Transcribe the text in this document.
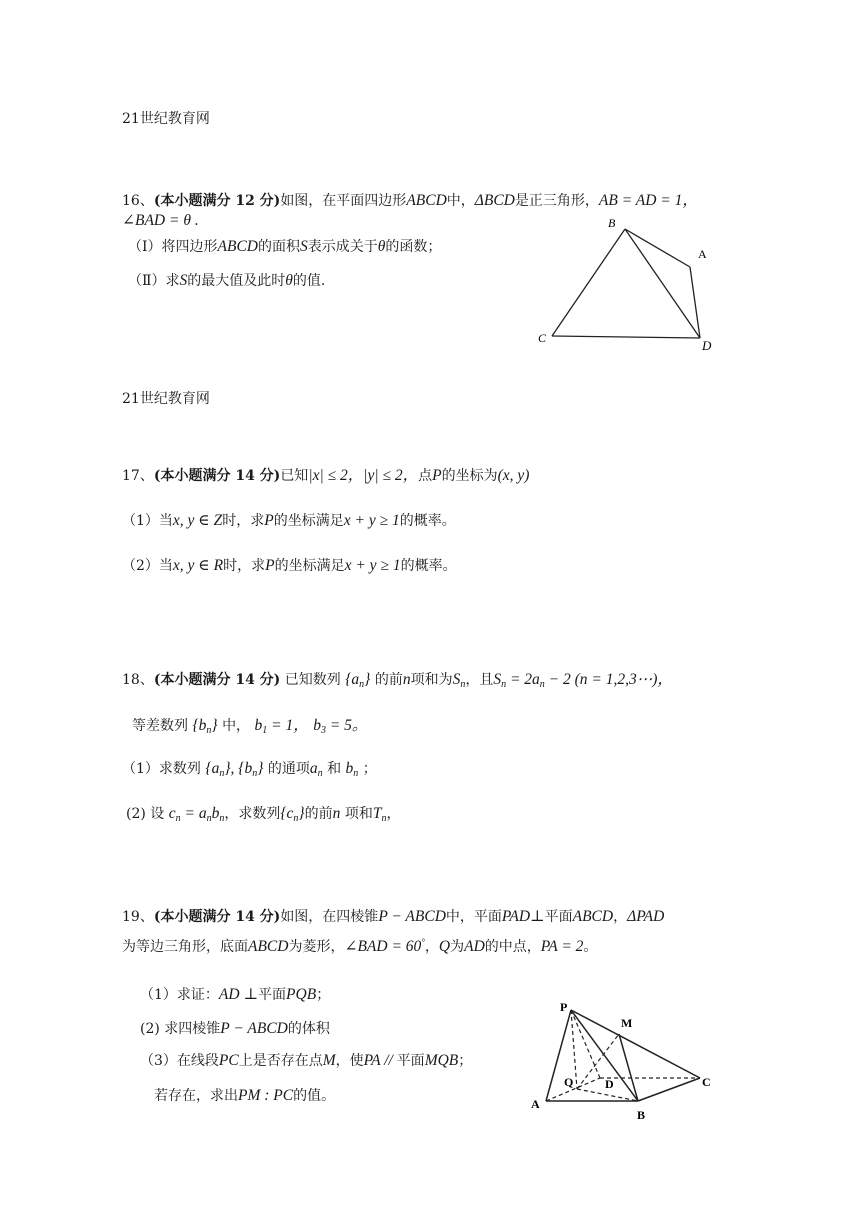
21世纪教育网
21世纪教育网
16、(本小题满分 12 分)如图，在平面四边形ABCD中，ΔBCD是正三角形，AB = AD = 1，
∠BAD = θ .
（Ⅰ）将四边形ABCD的面积S表示成关于θ的函数；
（Ⅱ）求S的最大值及此时θ的值.
B
A
C	D
17、(本小题满分 14 分)已知|x| ≤ 2，|y| ≤ 2，点P的坐标为(x, y)
（1）当x, y ∈ Z时，求P的坐标满足x + y ≥ 1的概率。
（2）当x, y ∈ R时，求P的坐标满足x + y ≥ 1的概率。
18、(本小题满分 14 分) 已知数列 $\{a_n\}$ 的前n项和为$S_n$，且$S_n = 2a_n - 2$ (n = 1,2,3⋯)，
等差数列 $\{b_n\}$ 中， $b_1 = 1$， $b_3 = 5$。
（1）求数列 $\{a_n\}$, $\{b_n\}$ 的通项$a_n$ 和 $b_n$ ；
(2) 设 $c_n = a_nb_n$，求数列$\{c_n\}$的前n 项和$T_n$，
19、(本小题满分 14 分)如图，在四棱锥P − ABCD中，平面PAD⊥平面ABCD，ΔPAD
为等边三角形，底面ABCD为菱形，∠BAD = 60°，Q为AD的中点，PA = 2。
（1）求证：AD ⊥平面PQB；
(2) 求四棱锥P − ABCD的体积
（3）在线段PC上是否存在点M，使PA // 平面MQB；
若存在，求出PM : PC的值。
P
M
Q	D	C
A
B
